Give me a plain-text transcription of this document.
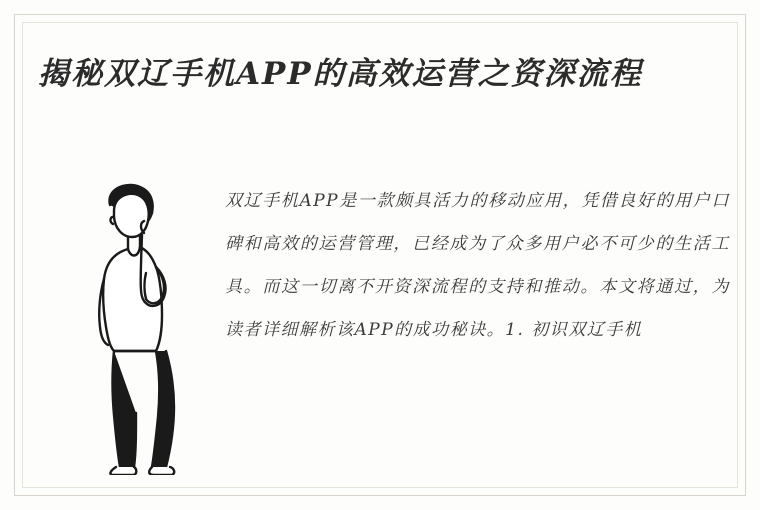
揭秘双辽手机APP的高效运营之资深流程
双辽手机APP是一款颇具活力的移动应用，凭借良好的用户口碑和高效的运营管理，已经成为了众多用户必不可少的生活工具。而这一切离不开资深流程的支持和推动。本文将通过，为读者详细解析该APP的成功秘诀。1. 初识双辽手机
